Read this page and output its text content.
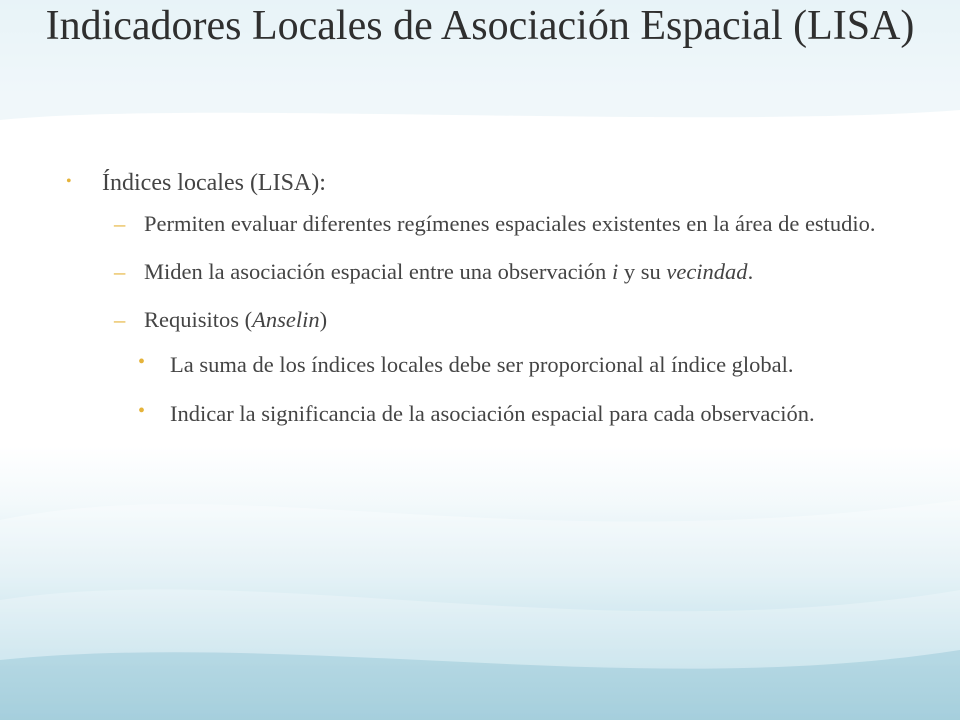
Indicadores Locales de Asociación Espacial (LISA)
• Índices locales (LISA):
– Permiten evaluar diferentes regímenes espaciales existentes en la área de estudio.
– Miden la asociación espacial entre una observación i y su vecindad.
– Requisitos (Anselin)
• La suma de los índices locales debe ser proporcional al índice global.
• Indicar la significancia de la asociación espacial para cada observación.
